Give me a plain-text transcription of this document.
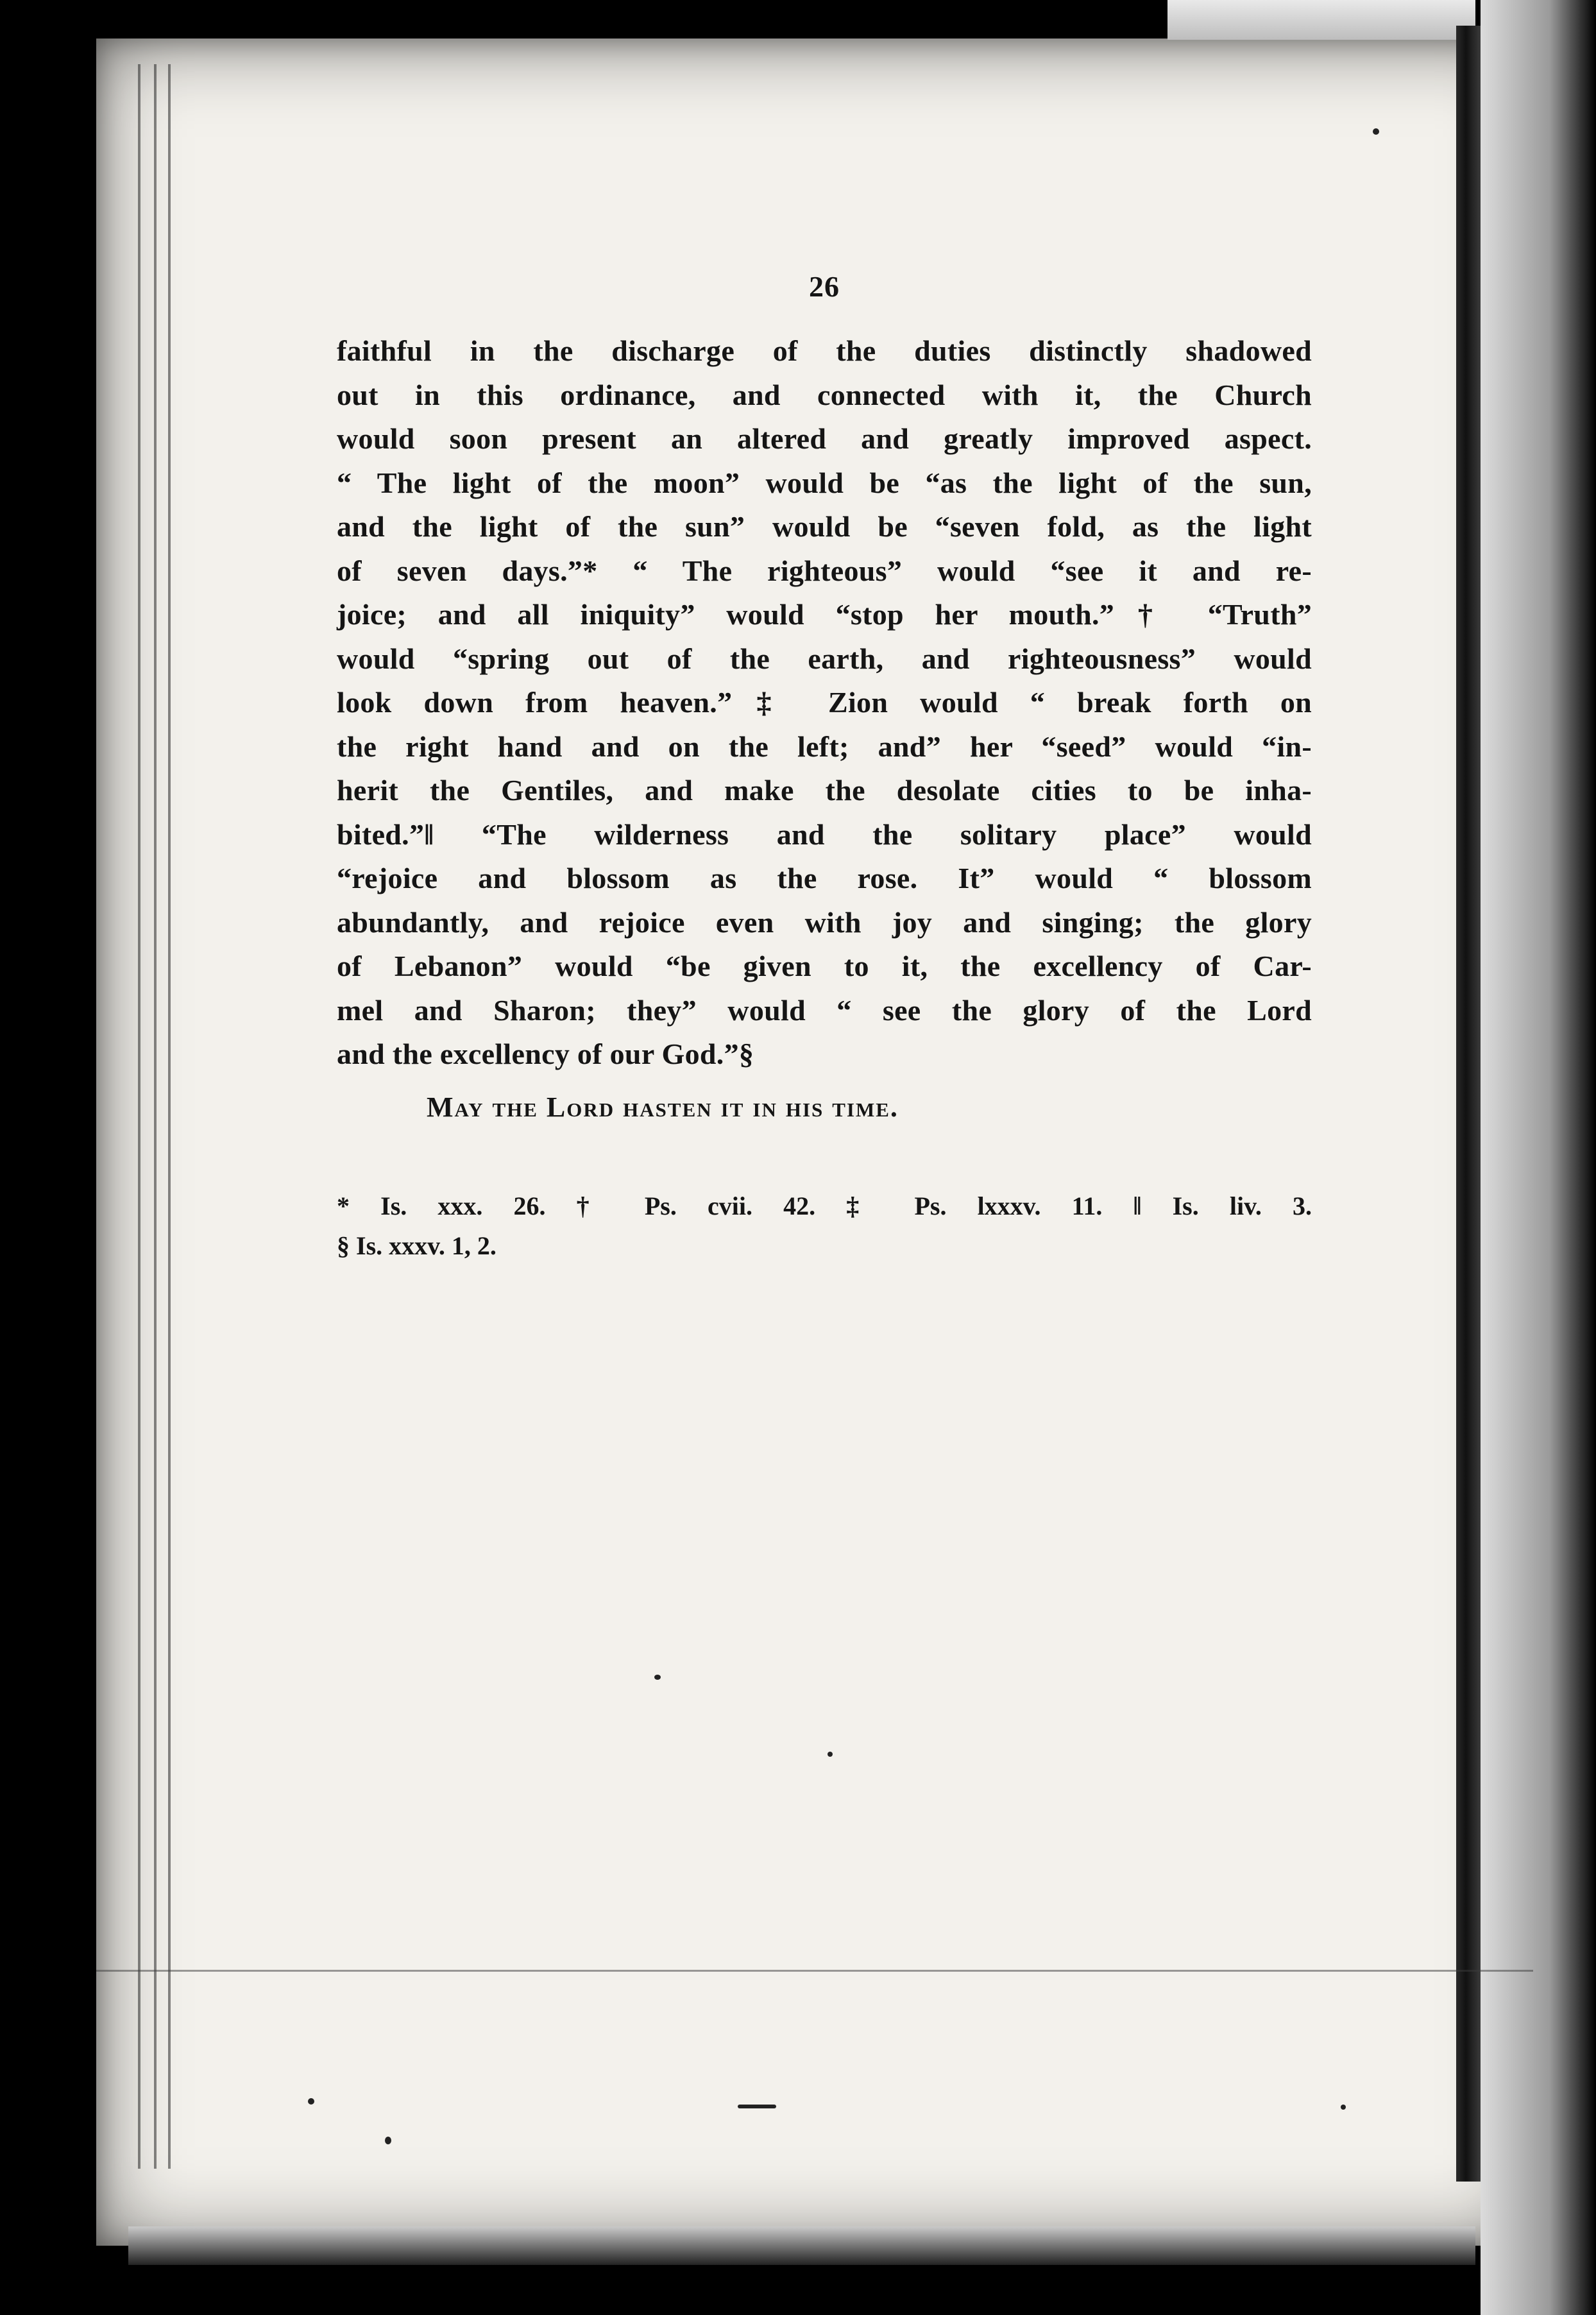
26
faithful in the discharge of the duties distinctly shadowed
out in this ordinance, and connected with it, the Church
would soon present an altered and greatly improved aspect.
“ The light of the moon” would be “as the light of the sun,
and the light of the sun” would be “seven fold, as the light
of seven days.”* “ The righteous” would “see it and re-
joice; and all iniquity” would “stop her mouth.”† “Truth”
would “spring out of the earth, and righteousness” would
look down from heaven.”‡ Zion would “ break forth on
the right hand and on the left; and” her “seed” would “in-
herit the Gentiles, and make the desolate cities to be inha-
bited.”‖ “The wilderness and the solitary place” would
“rejoice and blossom as the rose. It” would “ blossom
abundantly, and rejoice even with joy and singing; the glory
of Lebanon” would “be given to it, the excellency of Car-
mel and Sharon; they” would “ see the glory of the Lord
and the excellency of our God.”§
May the Lord hasten it in his time.
* Is. xxx. 26. † Ps. cvii. 42. ‡ Ps. lxxxv. 11. ‖ Is. liv. 3.
§ Is. xxxv. 1, 2.
